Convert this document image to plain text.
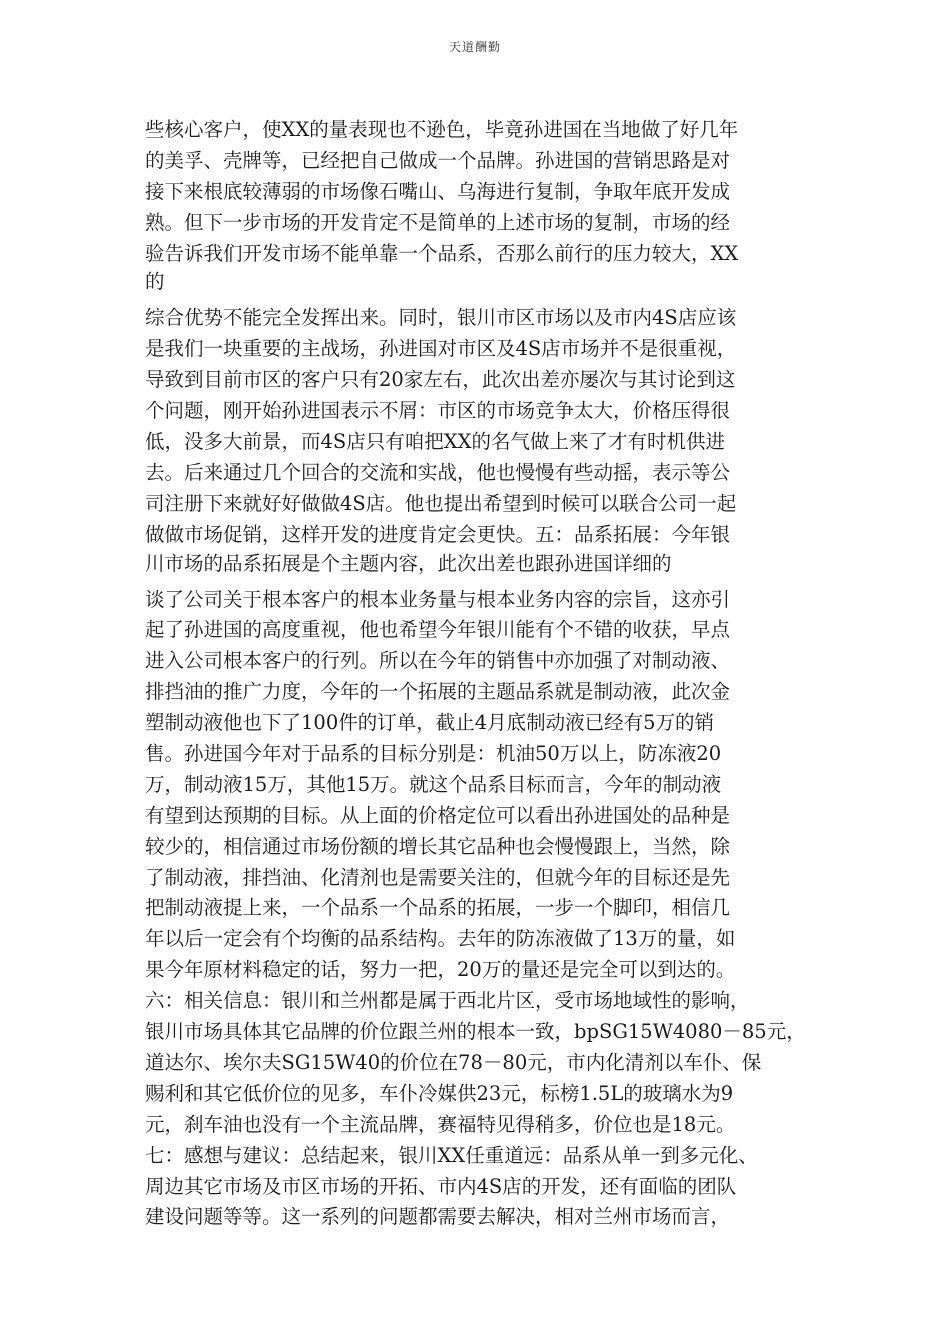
天道酬勤
些核心客户，使XX的量表现也不逊色，毕竟孙进国在当地做了好几年
的美孚、壳牌等，已经把自己做成一个品牌。孙进国的营销思路是对
接下来根底较薄弱的市场像石嘴山、乌海进行复制，争取年底开发成
熟。但下一步市场的开发肯定不是简单的上述市场的复制，市场的经
验告诉我们开发市场不能单靠一个品系，否那么前行的压力较大，XX
的
综合优势不能完全发挥出来。同时，银川市区市场以及市内4S店应该
是我们一块重要的主战场，孙进国对市区及4S店市场并不是很重视，
导致到目前市区的客户只有20家左右，此次出差亦屡次与其讨论到这
个问题，刚开始孙进国表示不屑：市区的市场竞争太大，价格压得很
低，没多大前景，而4S店只有咱把XX的名气做上来了才有时机供进
去。后来通过几个回合的交流和实战，他也慢慢有些动摇，表示等公
司注册下来就好好做做4S店。他也提出希望到时候可以联合公司一起
做做市场促销，这样开发的进度肯定会更快。五：品系拓展：今年银
川市场的品系拓展是个主题内容，此次出差也跟孙进国详细的
谈了公司关于根本客户的根本业务量与根本业务内容的宗旨，这亦引
起了孙进国的高度重视，他也希望今年银川能有个不错的收获，早点
进入公司根本客户的行列。所以在今年的销售中亦加强了对制动液、
排挡油的推广力度，今年的一个拓展的主题品系就是制动液，此次金
塑制动液他也下了100件的订单，截止4月底制动液已经有5万的销
售。孙进国今年对于品系的目标分别是：机油50万以上，防冻液20
万，制动液15万，其他15万。就这个品系目标而言，今年的制动液
有望到达预期的目标。从上面的价格定位可以看出孙进国处的品种是
较少的，相信通过市场份额的增长其它品种也会慢慢跟上，当然，除
了制动液，排挡油、化清剂也是需要关注的，但就今年的目标还是先
把制动液提上来，一个品系一个品系的拓展，一步一个脚印，相信几
年以后一定会有个均衡的品系结构。去年的防冻液做了13万的量，如
果今年原材料稳定的话，努力一把，20万的量还是完全可以到达的。
六：相关信息：银川和兰州都是属于西北片区，受市场地域性的影响，
银川市场具体其它品牌的价位跟兰州的根本一致，bpSG15W4080－85元，
道达尔、埃尔夫SG15W40的价位在78－80元，市内化清剂以车仆、保
赐利和其它低价位的见多，车仆冷媒供23元，标榜1.5L的玻璃水为9
元，刹车油也没有一个主流品牌，赛福特见得稍多，价位也是18元。
七：感想与建议：总结起来，银川XX任重道远：品系从单一到多元化、
周边其它市场及市区市场的开拓、市内4S店的开发，还有面临的团队
建设问题等等。这一系列的问题都需要去解决，相对兰州市场而言，
